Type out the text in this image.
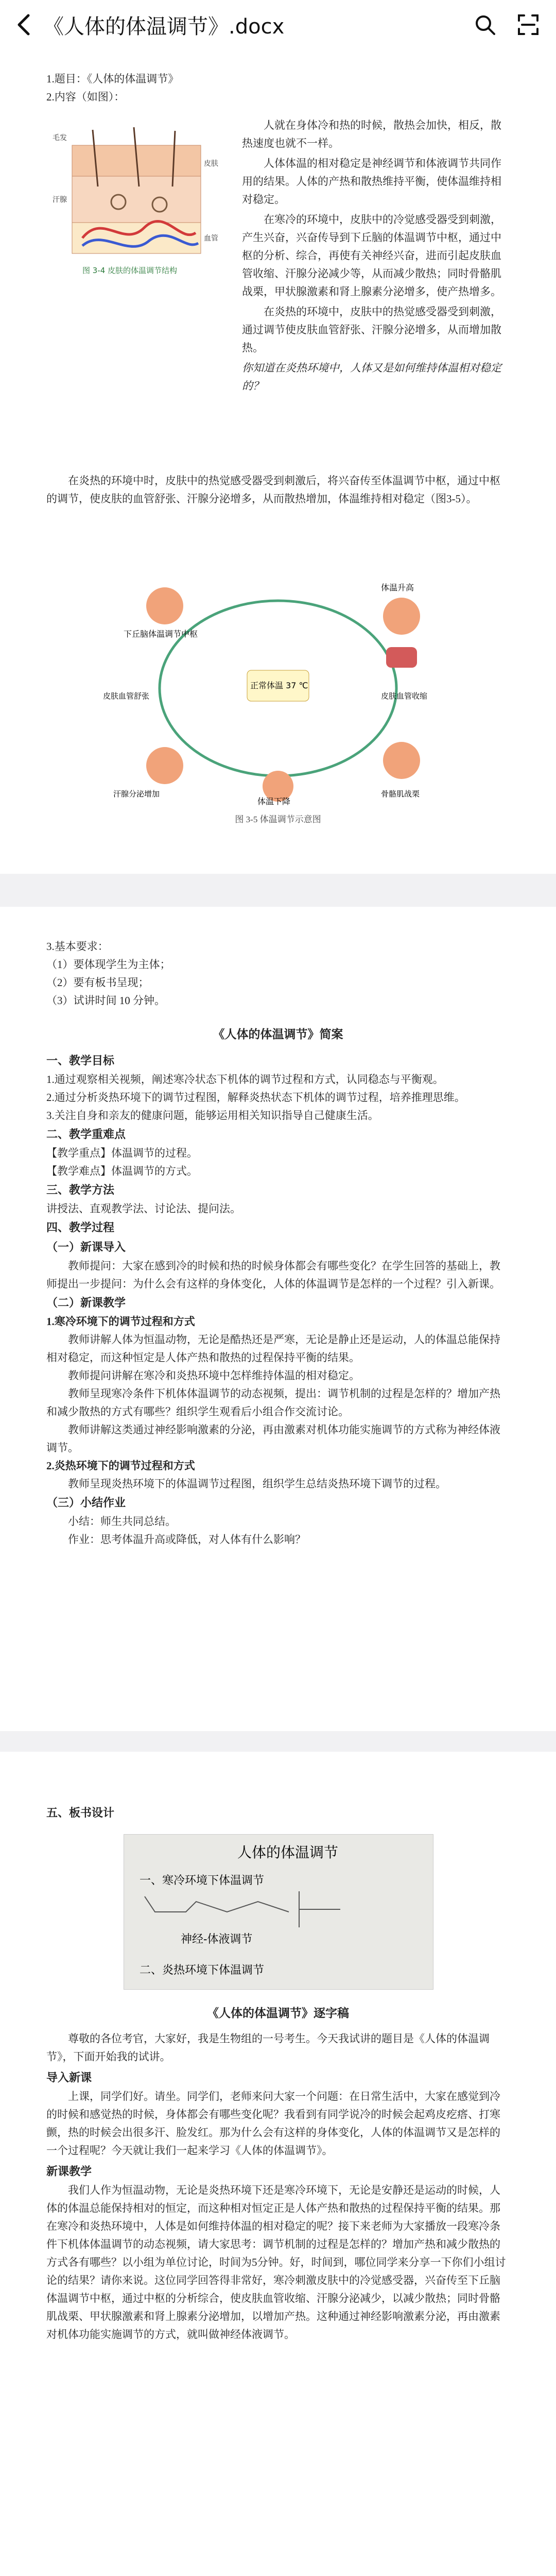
《人体的体温调节》.docx
1.题目：《人体的体温调节》
2.内容（如图）：
毛发
汗腺
皮肤
血管
图 3-4 皮肤的体温调节结构

人就在身体冷和热的时候，散热会加快，相反，散热速度也就不一样。

人体体温的相对稳定是神经调节和体液调节共同作用的结果。人体的产热和散热维持平衡，使体温维持相对稳定。

在寒冷的环境中，皮肤中的冷觉感受器受到刺激，产生兴奋，兴奋传导到下丘脑的体温调节中枢，通过中枢的分析、综合，再使有关神经兴奋，进而引起皮肤血管收缩、汗腺分泌减少等，从而减少散热；同时骨骼肌战栗，甲状腺激素和肾上腺素分泌增多，使产热增多。

在炎热的环境中，皮肤中的热觉感受器受到刺激，通过调节使皮肤血管舒张、汗腺分泌增多，从而增加散热。

你知道在炎热环境中，人体又是如何维持体温相对稳定的？

在炎热的环境中时，皮肤中的热觉感受器受到刺激后，将兴奋传至体温调节中枢，通过中枢的调节，使皮肤的血管舒张、汗腺分泌增多，从而散热增加，体温维持相对稳定（图3-5）。
下丘脑体温调节中枢
体温升高
正常体温 37 ℃
体温下降
皮肤血管舒张
汗腺分泌增加
皮肤血管收缩
骨骼肌战栗
图 3-5 体温调节示意图
3.基本要求：
（1）要体现学生为主体；
（2）要有板书呈现；
（3）试讲时间 10 分钟。
《人体的体温调节》简案
一、教学目标
1.通过观察相关视频，阐述寒冷状态下机体的调节过程和方式，认同稳态与平衡观。
2.通过分析炎热环境下的调节过程图，解释炎热状态下机体的调节过程，培养推理思维。
3.关注自身和亲友的健康问题，能够运用相关知识指导自己健康生活。
二、教学重难点
【教学重点】体温调节的过程。
【教学难点】体温调节的方式。
三、教学方法
讲授法、直观教学法、讨论法、提问法。
四、教学过程
（一）新课导入
教师提问：大家在感到冷的时候和热的时候身体都会有哪些变化？在学生回答的基础上，教师提出一步提问：为什么会有这样的身体变化，人体的体温调节是怎样的一个过程？引入新课。
（二）新课教学
1.寒冷环境下的调节过程和方式
教师讲解人体为恒温动物，无论是酷热还是严寒，无论是静止还是运动，人的体温总能保持相对稳定，而这种恒定是人体产热和散热的过程保持平衡的结果。
教师提问讲解在寒冷和炎热环境中怎样维持体温的相对稳定。
教师呈现寒冷条件下机体体温调节的动态视频，提出：调节机制的过程是怎样的？增加产热和减少散热的方式有哪些？组织学生观看后小组合作交流讨论。
教师讲解这类通过神经影响激素的分泌，再由激素对机体功能实施调节的方式称为神经体液调节。
2.炎热环境下的调节过程和方式
教师呈现炎热环境下的体温调节过程图，组织学生总结炎热环境下调节的过程。
（三）小结作业
小结：师生共同总结。
作业：思考体温升高或降低，对人体有什么影响？
五、板书设计
人体的体温调节
一、寒冷环境下体温调节
神经-体液调节
二、炎热环境下体温调节
《人体的体温调节》逐字稿

尊敬的各位考官，大家好，我是生物组的一号考生。今天我试讲的题目是《人体的体温调节》，下面开始我的试讲。

导入新课

上课，同学们好。请坐。同学们，老师来问大家一个问题：在日常生活中，大家在感觉到冷的时候和感觉热的时候，身体都会有哪些变化呢？我看到有同学说冷的时候会起鸡皮疙瘩、打寒颤，热的时候会出很多汗、脸发红。那为什么会有这样的身体变化，人体的体温调节又是怎样的一个过程呢？今天就让我们一起来学习《人体的体温调节》。

新课教学

我们人作为恒温动物，无论是炎热环境下还是寒冷环境下，无论是安静还是运动的时候，人体的体温总能保持相对的恒定，而这种相对恒定正是人体产热和散热的过程保持平衡的结果。那在寒冷和炎热环境中，人体是如何维持体温的相对稳定的呢？接下来老师为大家播放一段寒冷条件下机体体温调节的动态视频，请大家思考：调节机制的过程是怎样的？增加产热和减少散热的方式各有哪些？以小组为单位讨论，时间为5分钟。好，时间到，哪位同学来分享一下你们小组讨论的结果？请你来说。这位同学回答得非常好，寒冷刺激皮肤中的冷觉感受器，兴奋传至下丘脑体温调节中枢，通过中枢的分析综合，使皮肤血管收缩、汗腺分泌减少，以减少散热；同时骨骼肌战栗、甲状腺激素和肾上腺素分泌增加，以增加产热。这种通过神经影响激素分泌，再由激素对机体功能实施调节的方式，就叫做神经体液调节。
